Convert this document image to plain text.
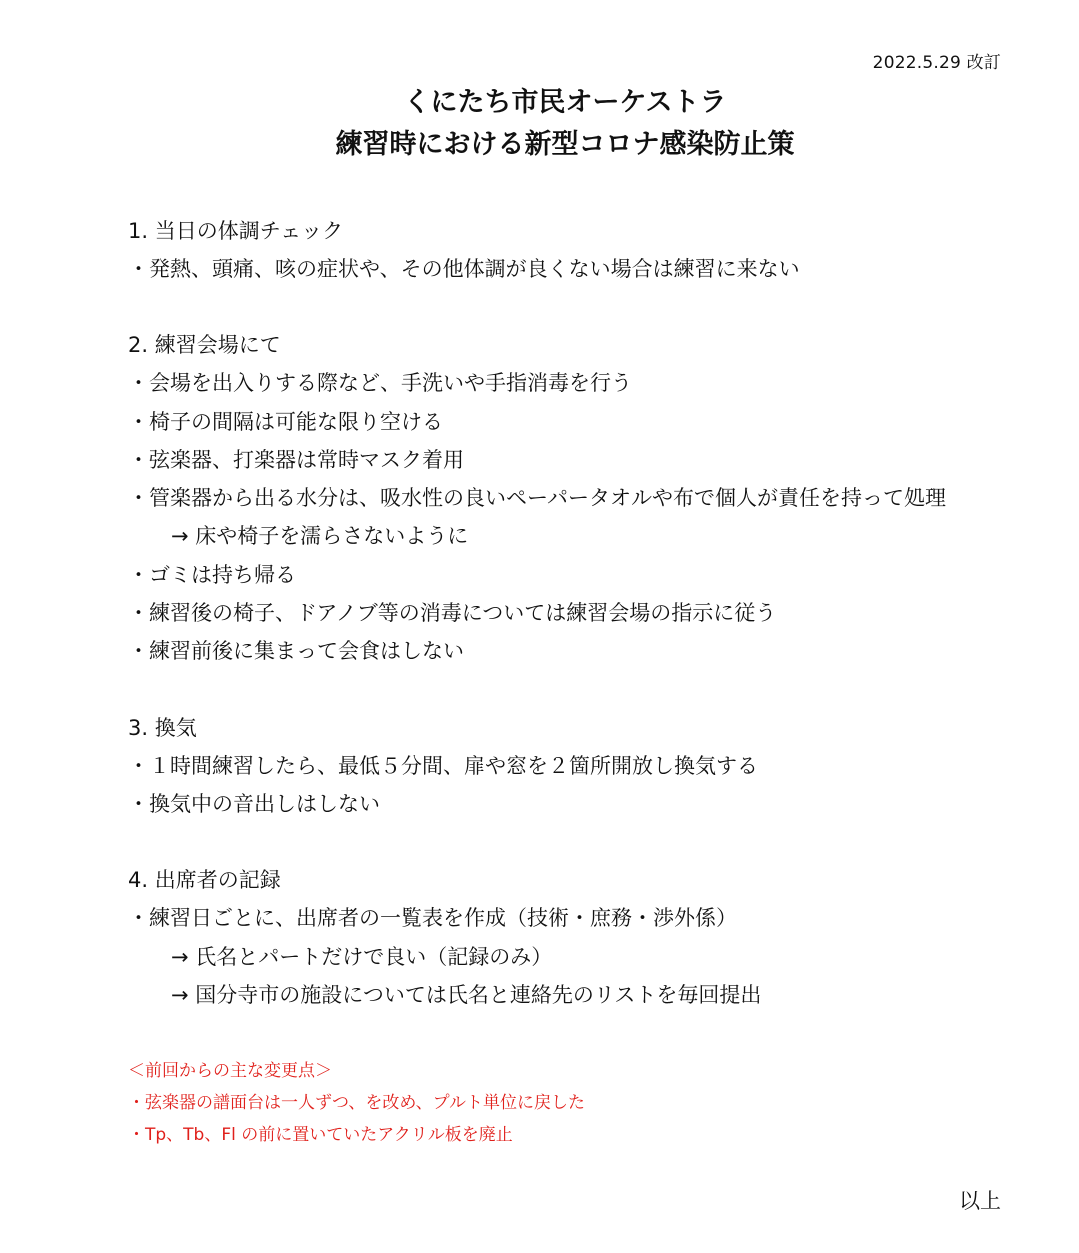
2022.5.29 改訂

くにたち市民オーケストラ

練習時における新型コロナ感染防止策

1. 当日の体調チェック
・発熱、頭痛、咳の症状や、その他体調が良くない場合は練習に来ない
2. 練習会場にて
・会場を出入りする際など、手洗いや手指消毒を行う
・椅子の間隔は可能な限り空ける
・弦楽器、打楽器は常時マスク着用
・管楽器から出る水分は、吸水性の良いペーパータオルや布で個人が責任を持って処理
→ 床や椅子を濡らさないように
・ゴミは持ち帰る
・練習後の椅子、ドアノブ等の消毒については練習会場の指示に従う
・練習前後に集まって会食はしない
3. 換気
・１時間練習したら、最低５分間、扉や窓を２箇所開放し換気する
・換気中の音出しはしない
4. 出席者の記録
・練習日ごとに、出席者の一覧表を作成（技術・庶務・渉外係）
→ 氏名とパートだけで良い（記録のみ）
→ 国分寺市の施設については氏名と連絡先のリストを毎回提出
＜前回からの主な変更点＞
・弦楽器の譜面台は一人ずつ、を改め、プルト単位に戻した
・Tp、Tb、Fl の前に置いていたアクリル板を廃止
以上
